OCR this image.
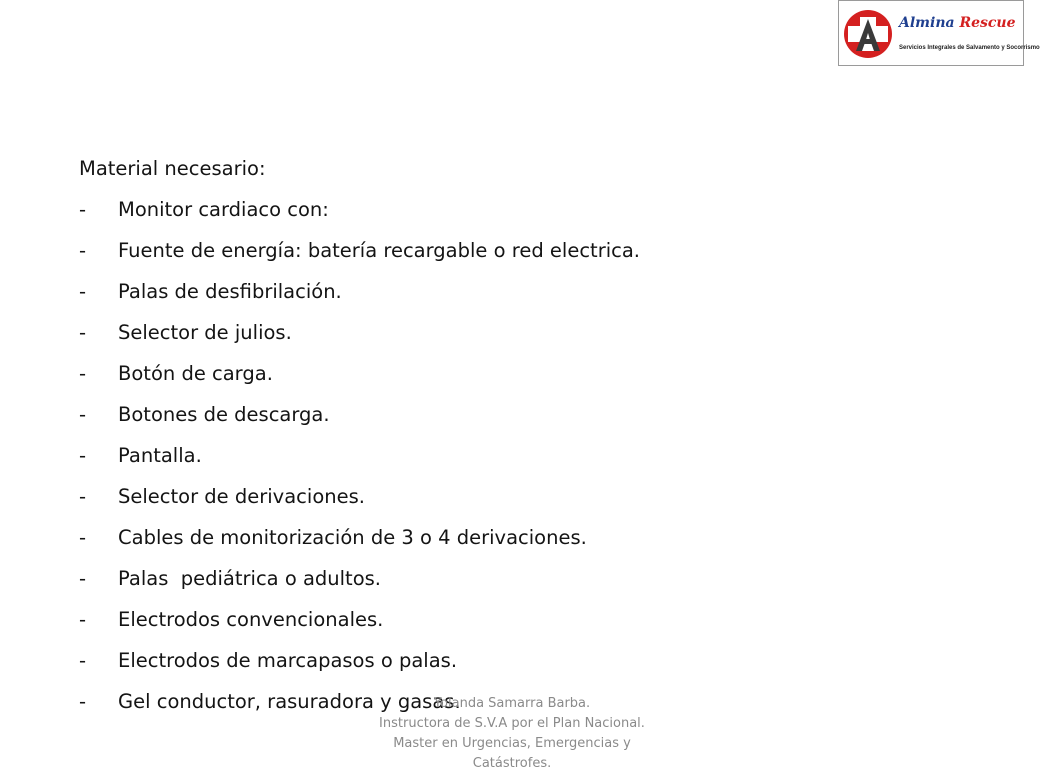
Almina Rescue
Servicios Integrales de Salvamento y Socorrismo
Material necesario:
-	Monitor cardiaco con:
-	Fuente de energía: batería recargable o red electrica.
-	Palas de desfibrilación.
-	Selector de julios.
-	Botón de carga.
-	Botones de descarga.
-	Pantalla.
-	Selector de derivaciones.
-	Cables de monitorización de 3 o 4 derivaciones.
-	Palas  pediátrica o adultos.
-	Electrodos convencionales.
-	Electrodos de marcapasos o palas.
-	Gel conductor, rasuradora y gasas.
Yolanda Samarra Barba.
Instructora de S.V.A por el Plan Nacional.
Master en Urgencias, Emergencias y
Catástrofes.
